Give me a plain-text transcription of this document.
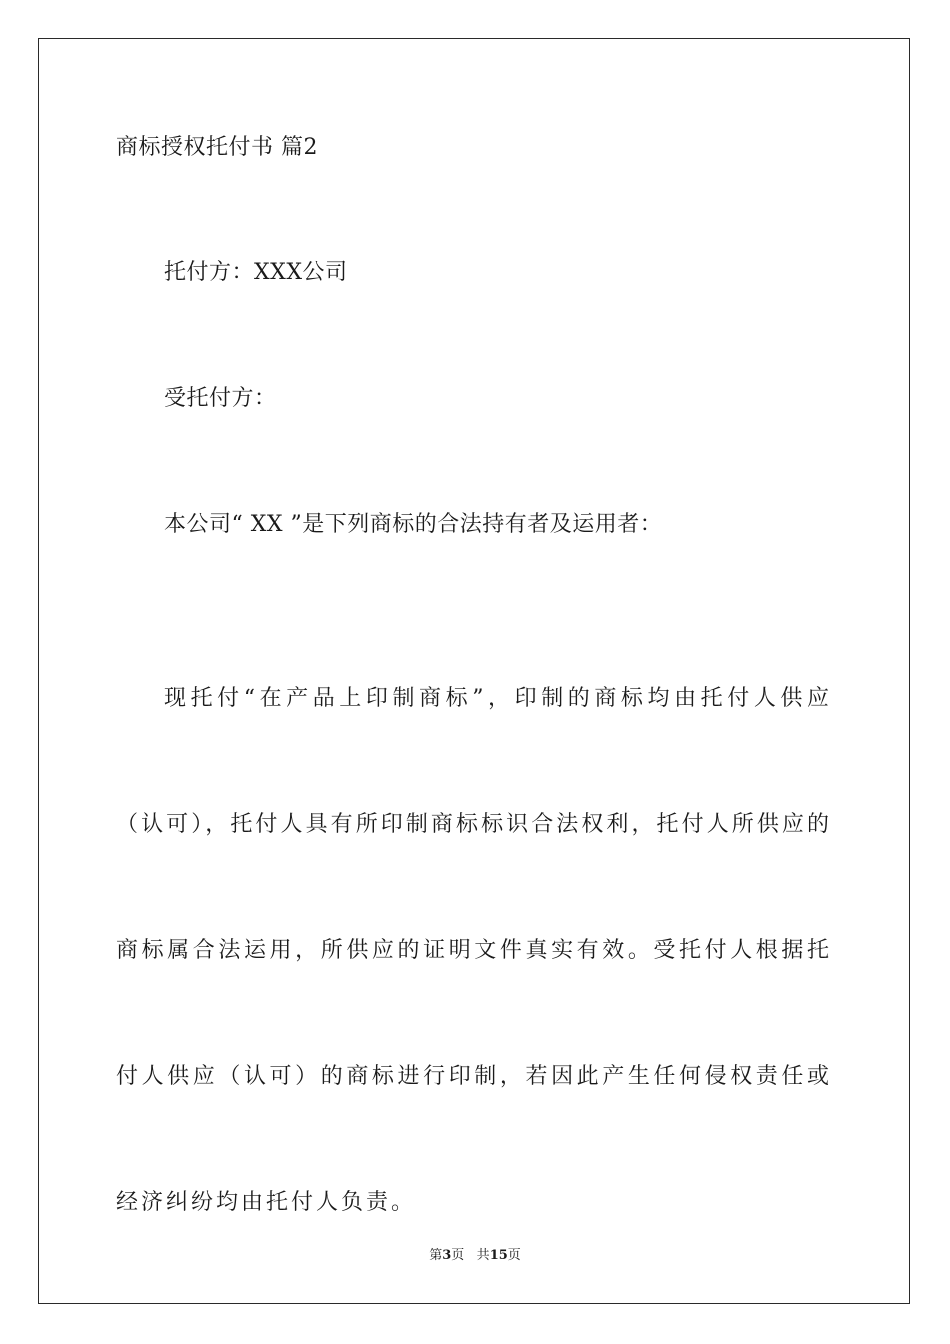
商标授权托付书 篇2
托付方：XXX公司
受托付方：
本公司“ XX ”是下列商标的合法持有者及运用者：

现托付“在产品上印制商标”，印制的商标均由托付人供应（认可），托付人具有所印制商标标识合法权利，托付人所供应的商标属合法运用，所供应的证明文件真实有效。受托付人根据托付人供应（认可）的商标进行印制，若因此产生任何侵权责任或经济纠纷均由托付人负责。

第3页 共15页
